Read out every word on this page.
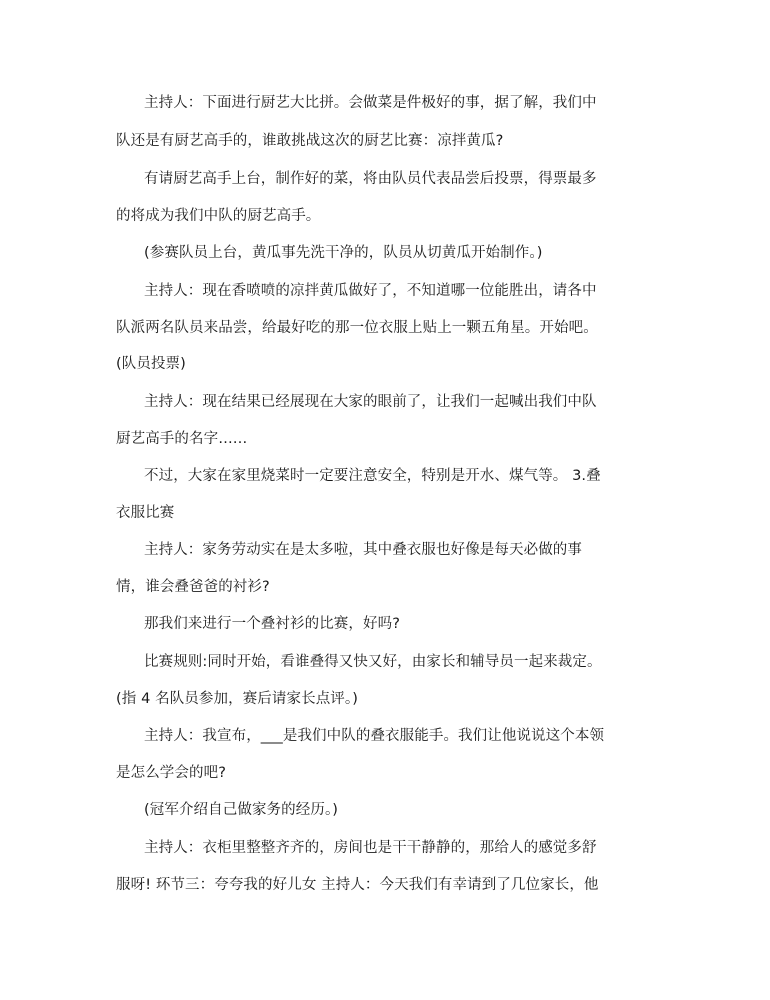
主持人：下面进行厨艺大比拼。会做菜是件极好的事，据了解，我们中
队还是有厨艺高手的，谁敢挑战这次的厨艺比赛：凉拌黄瓜?
有请厨艺高手上台，制作好的菜，将由队员代表品尝后投票，得票最多
的将成为我们中队的厨艺高手。
(参赛队员上台，黄瓜事先洗干净的，队员从切黄瓜开始制作。)
主持人：现在香喷喷的凉拌黄瓜做好了，不知道哪一位能胜出，请各中
队派两名队员来品尝，给最好吃的那一位衣服上贴上一颗五角星。开始吧。
(队员投票)
主持人：现在结果已经展现在大家的眼前了，让我们一起喊出我们中队
厨艺高手的名字……
不过，大家在家里烧菜时一定要注意安全，特别是开水、煤气等。 3.叠
衣服比赛
主持人：家务劳动实在是太多啦，其中叠衣服也好像是每天必做的事
情，谁会叠爸爸的衬衫?
那我们来进行一个叠衬衫的比赛，好吗?
比赛规则:同时开始，看谁叠得又快又好，由家长和辅导员一起来裁定。
(指 4 名队员参加，赛后请家长点评。)
主持人：我宣布，___是我们中队的叠衣服能手。我们让他说说这个本领
是怎么学会的吧?
(冠军介绍自己做家务的经历。)
主持人：衣柜里整整齐齐的，房间也是干干静静的，那给人的感觉多舒
服呀! 环节三：夸夸我的好儿女 主持人：今天我们有幸请到了几位家长，他
